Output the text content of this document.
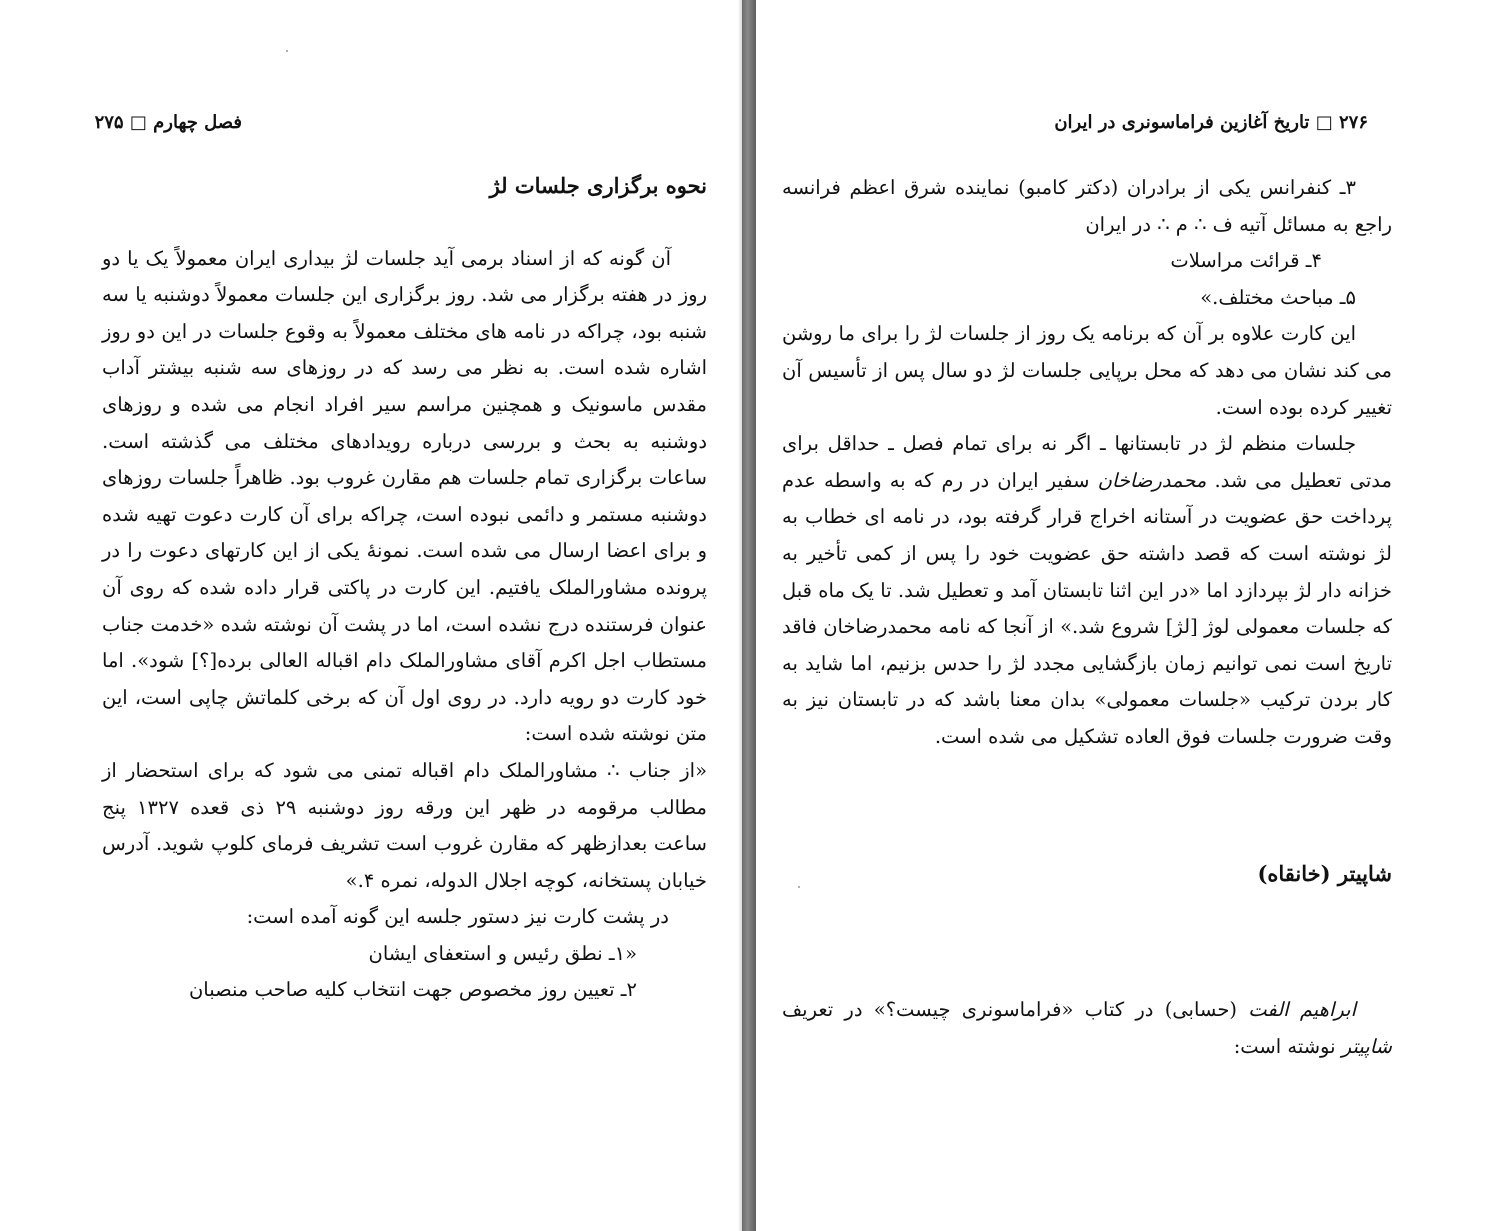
فصل چهارم □ ۲۷۵

نحوه برگزاری جلسات لژ

آن گونه که از اسناد برمی آید جلسات لژ بیداری ایران معمولاً یک یا دو روز در هفته برگزار می شد. روز برگزاری این جلسات معمولاً دوشنبه یا سه شنبه بود، چراکه در نامه های مختلف معمولاً به وقوع جلسات در این دو روز اشاره شده است. به نظر می رسد که در روزهای سه شنبه بیشتر آداب مقدس ماسونیک و همچنین مراسم سیر افراد انجام می شده و روزهای دوشنبه به بحث و بررسی درباره رویدادهای مختلف می گذشته است. ساعات برگزاری تمام جلسات هم مقارن غروب بود. ظاهراً جلسات روزهای دوشنبه مستمر و دائمی نبوده است، چراکه برای آن کارت دعوت تهیه شده و برای اعضا ارسال می شده است. نمونهٔ یکی از این کارتهای دعوت را در پرونده مشاورالملک یافتیم. این کارت در پاکتی قرار داده شده که روی آن عنوان فرستنده درج نشده است، اما در پشت آن نوشته شده «خدمت جناب مستطاب اجل اکرم آقای مشاورالملک دام اقباله العالی برده[؟] شود». اما خود کارت دو رویه دارد. در روی اول آن که برخی کلماتش چاپی است، این متن نوشته شده است:

«از جناب ∴ مشاورالملک دام اقباله تمنی می شود که برای استحضار از مطالب مرقومه در ظهر این ورقه روز دوشنبه ۲۹ ذی قعده ۱۳۲۷ پنج ساعت بعدازظهر که مقارن غروب است تشریف فرمای کلوپ شوید. آدرس خیابان پستخانه، کوچه اجلال الدوله، نمره ۴.»

در پشت کارت نیز دستور جلسه این گونه آمده است:

«۱ـ نطق رئیس و استعفای ایشان

۲ـ تعیین روز مخصوص جهت انتخاب کلیه صاحب منصبان

۲۷۶ □ تاریخ آغازین فراماسونری در ایران

۳ـ کنفرانس یکی از برادران (دکتر کامبو) نماینده شرق اعظم فرانسه راجع به مسائل آتیه ف ∴ م ∴ در ایران

۴ـ قرائت مراسلات

۵ـ مباحث مختلف.»

این کارت علاوه بر آن که برنامه یک روز از جلسات لژ را برای ما روشن می کند نشان می دهد که محل برپایی جلسات لژ دو سال پس از تأسیس آن تغییر کرده بوده است.

جلسات منظم لژ در تابستانها ـ اگر نه برای تمام فصل ـ حداقل برای مدتی تعطیل می شد. محمدرضاخان سفیر ایران در رم که به واسطه عدم پرداخت حق عضویت در آستانه اخراج قرار گرفته بود، در نامه ای خطاب به لژ نوشته است که قصد داشته حق عضویت خود را پس از کمی تأخیر به خزانه دار لژ بپردازد اما «در این اثنا تابستان آمد و تعطیل شد. تا یک ماه قبل که جلسات معمولی لوژ [لژ] شروع شد.» از آنجا که نامه محمدرضاخان فاقد تاریخ است نمی توانیم زمان بازگشایی مجدد لژ را حدس بزنیم، اما شاید به کار بردن ترکیب «جلسات معمولی» بدان معنا باشد که در تابستان نیز به وقت ضرورت جلسات فوق العاده تشکیل می شده است.

شاپیتر (خانقاه)

ابراهیم الفت (حسابی) در کتاب «فراماسونری چیست؟» در تعریف شاپیتر نوشته است:
